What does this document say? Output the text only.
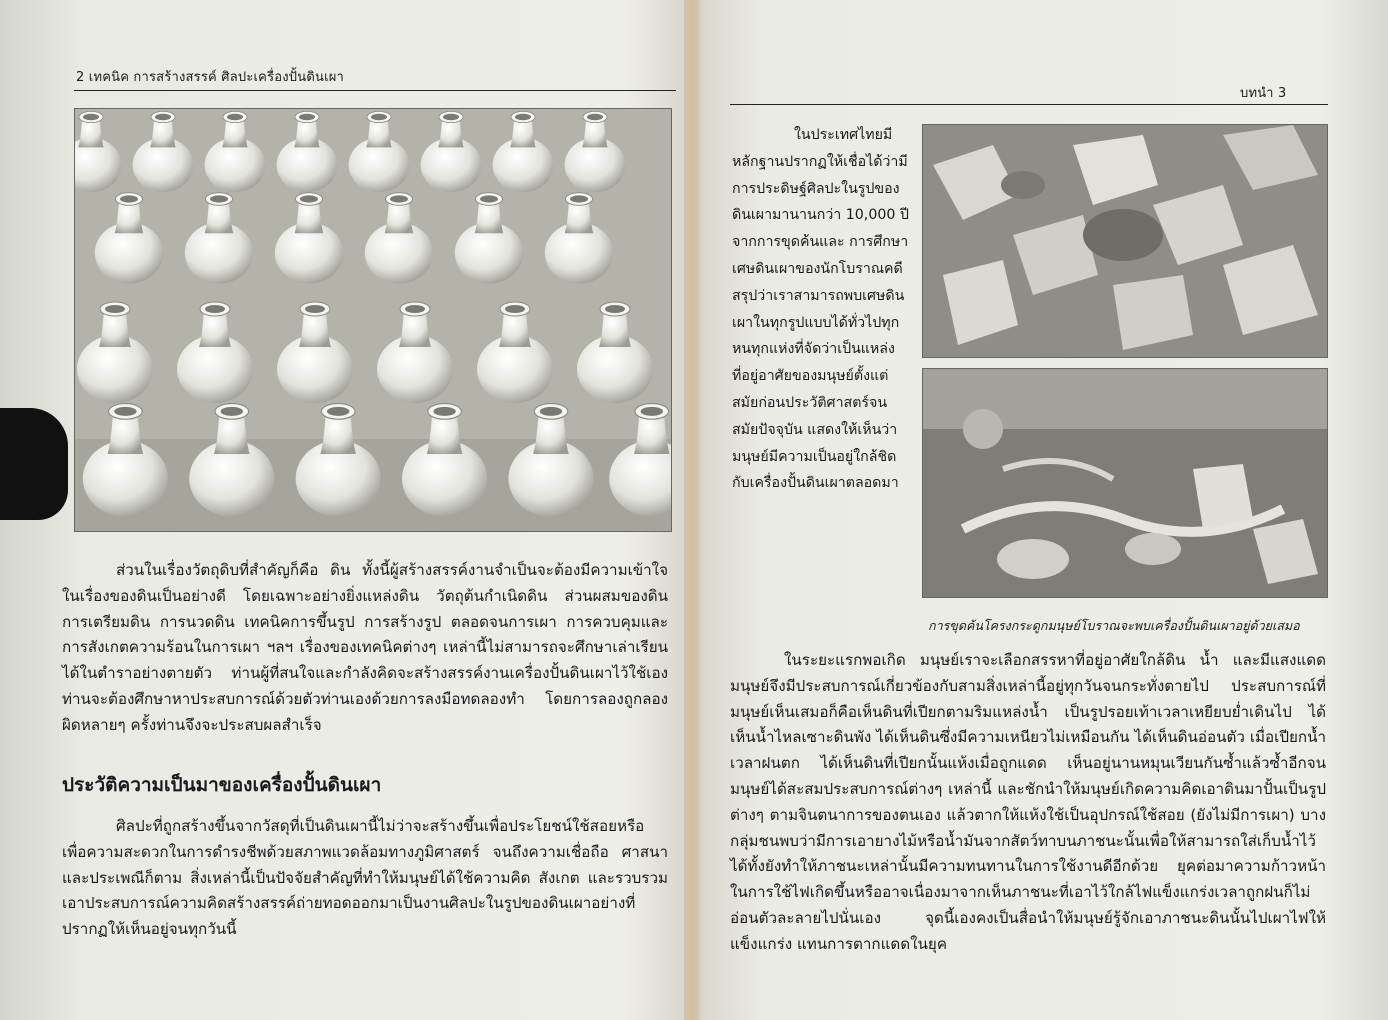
2 เทคนิค การสร้างสรรค์ ศิลปะเครื่องปั้นดินเผา

ส่วนในเรื่องวัตถุดิบที่สำคัญก็คือ ดิน ทั้งนี้ผู้สร้างสรรค์งานจำเป็นจะต้องมีความเข้าใจในเรื่องของดินเป็นอย่างดี โดยเฉพาะอย่างยิ่งแหล่งดิน วัตถุต้นกำเนิดดิน ส่วนผสมของดิน การเตรียมดิน การนวดดิน เทคนิคการขึ้นรูป การสร้างรูป ตลอดจนการเผา การควบคุมและการสังเกตความร้อนในการเผา ฯลฯ เรื่องของเทคนิคต่างๆ เหล่านี้ไม่สามารถจะศึกษาเล่าเรียนได้ในตำราอย่างตายตัว ท่านผู้ที่สนใจและกำลังคิดจะสร้างสรรค์งานเครื่องปั้นดินเผาไว้ใช้เอง ท่านจะต้องศึกษาหาประสบการณ์ด้วยตัวท่านเองด้วยการลงมือทดลองทำ โดยการลองถูกลองผิดหลายๆ ครั้งท่านจึงจะประสบผลสำเร็จ

ประวัติความเป็นมาของเครื่องปั้นดินเผา

ศิลปะที่ถูกสร้างขึ้นจากวัสดุที่เป็นดินเผานี้ไม่ว่าจะสร้างขึ้นเพื่อประโยชน์ใช้สอยหรือเพื่อความสะดวกในการดำรงชีพด้วยสภาพแวดล้อมทางภูมิศาสตร์ จนถึงความเชื่อถือ ศาสนา และประเพณีก็ตาม สิ่งเหล่านี้เป็นปัจจัยสำคัญที่ทำให้มนุษย์ได้ใช้ความคิด สังเกต และรวบรวมเอาประสบการณ์ความคิดสร้างสรรค์ถ่ายทอดออกมาเป็นงานศิลปะในรูปของดินเผาอย่างที่ปรากฏให้เห็นอยู่จนทุกวันนี้

บทนำ 3
ในประเทศไทยมี
หลักฐานปรากฏให้เชื่อได้ว่ามี
การประดิษฐ์ศิลปะในรูปของ
ดินเผามานานกว่า 10,000 ปี
จากการขุดค้นและ การศึกษา
เศษดินเผาของนักโบราณคดี
สรุปว่าเราสามารถพบเศษดิน
เผาในทุกรูปแบบได้ทั่วไปทุก
หนทุกแห่งที่จัดว่าเป็นแหล่ง
ที่อยู่อาศัยของมนุษย์ตั้งแต่
สมัยก่อนประวัติศาสตร์จน
สมัยปัจจุบัน แสดงให้เห็นว่า
มนุษย์มีความเป็นอยู่ใกล้ชิด
กับเครื่องปั้นดินเผาตลอดมา
การขุดค้นโครงกระดูกมนุษย์โบราณจะพบเครื่องปั้นดินเผาอยู่ด้วยเสมอ

ในระยะแรกพอเกิด มนุษย์เราจะเลือกสรรหาที่อยู่อาศัยใกล้ดิน น้ำ และมีแสงแดด มนุษย์จึงมีประสบการณ์เกี่ยวข้องกับสามสิ่งเหล่านี้อยู่ทุกวันจนกระทั่งตายไป ประสบการณ์ที่มนุษย์เห็นเสมอก็คือเห็นดินที่เปียกตามริมแหล่งน้ำ เป็นรูปรอยเท้าเวลาเหยียบย่ำเดินไป ได้เห็นน้ำไหลเซาะดินพัง ได้เห็นดินซึ่งมีความเหนียวไม่เหมือนกัน ได้เห็นดินอ่อนตัว เมื่อเปียกน้ำเวลาฝนตก ได้เห็นดินที่เปียกนั้นแห้งเมื่อถูกแดด เห็นอยู่นานหมุนเวียนกันซ้ำแล้วซ้ำอีกจนมนุษย์ได้สะสมประสบการณ์ต่างๆ เหล่านี้ และชักนำให้มนุษย์เกิดความคิดเอาดินมาปั้นเป็นรูปต่างๆ ตามจินตนาการของตนเอง แล้วตากให้แห้งใช้เป็นอุปกรณ์ใช้สอย (ยังไม่มีการเผา) บางกลุ่มชนพบว่ามีการเอายางไม้หรือน้ำมันจากสัตว์ทาบนภาชนะนั้นเพื่อให้สามารถใส่เก็บน้ำไว้ได้ทั้งยังทำให้ภาชนะเหล่านั้นมีความทนทานในการใช้งานดีอีกด้วย ยุคต่อมาความก้าวหน้าในการใช้ไฟเกิดขึ้นหรืออาจเนื่องมาจากเห็นภาชนะที่เอาไว้ใกล้ไฟแข็งแกร่งเวลาถูกฝนก็ไม่อ่อนตัวละลายไปนั่นเอง จุดนี้เองคงเป็นสื่อนำให้มนุษย์รู้จักเอาภาชนะดินนั้นไปเผาไฟให้แข็งแกร่ง แทนการตากแดดในยุค
